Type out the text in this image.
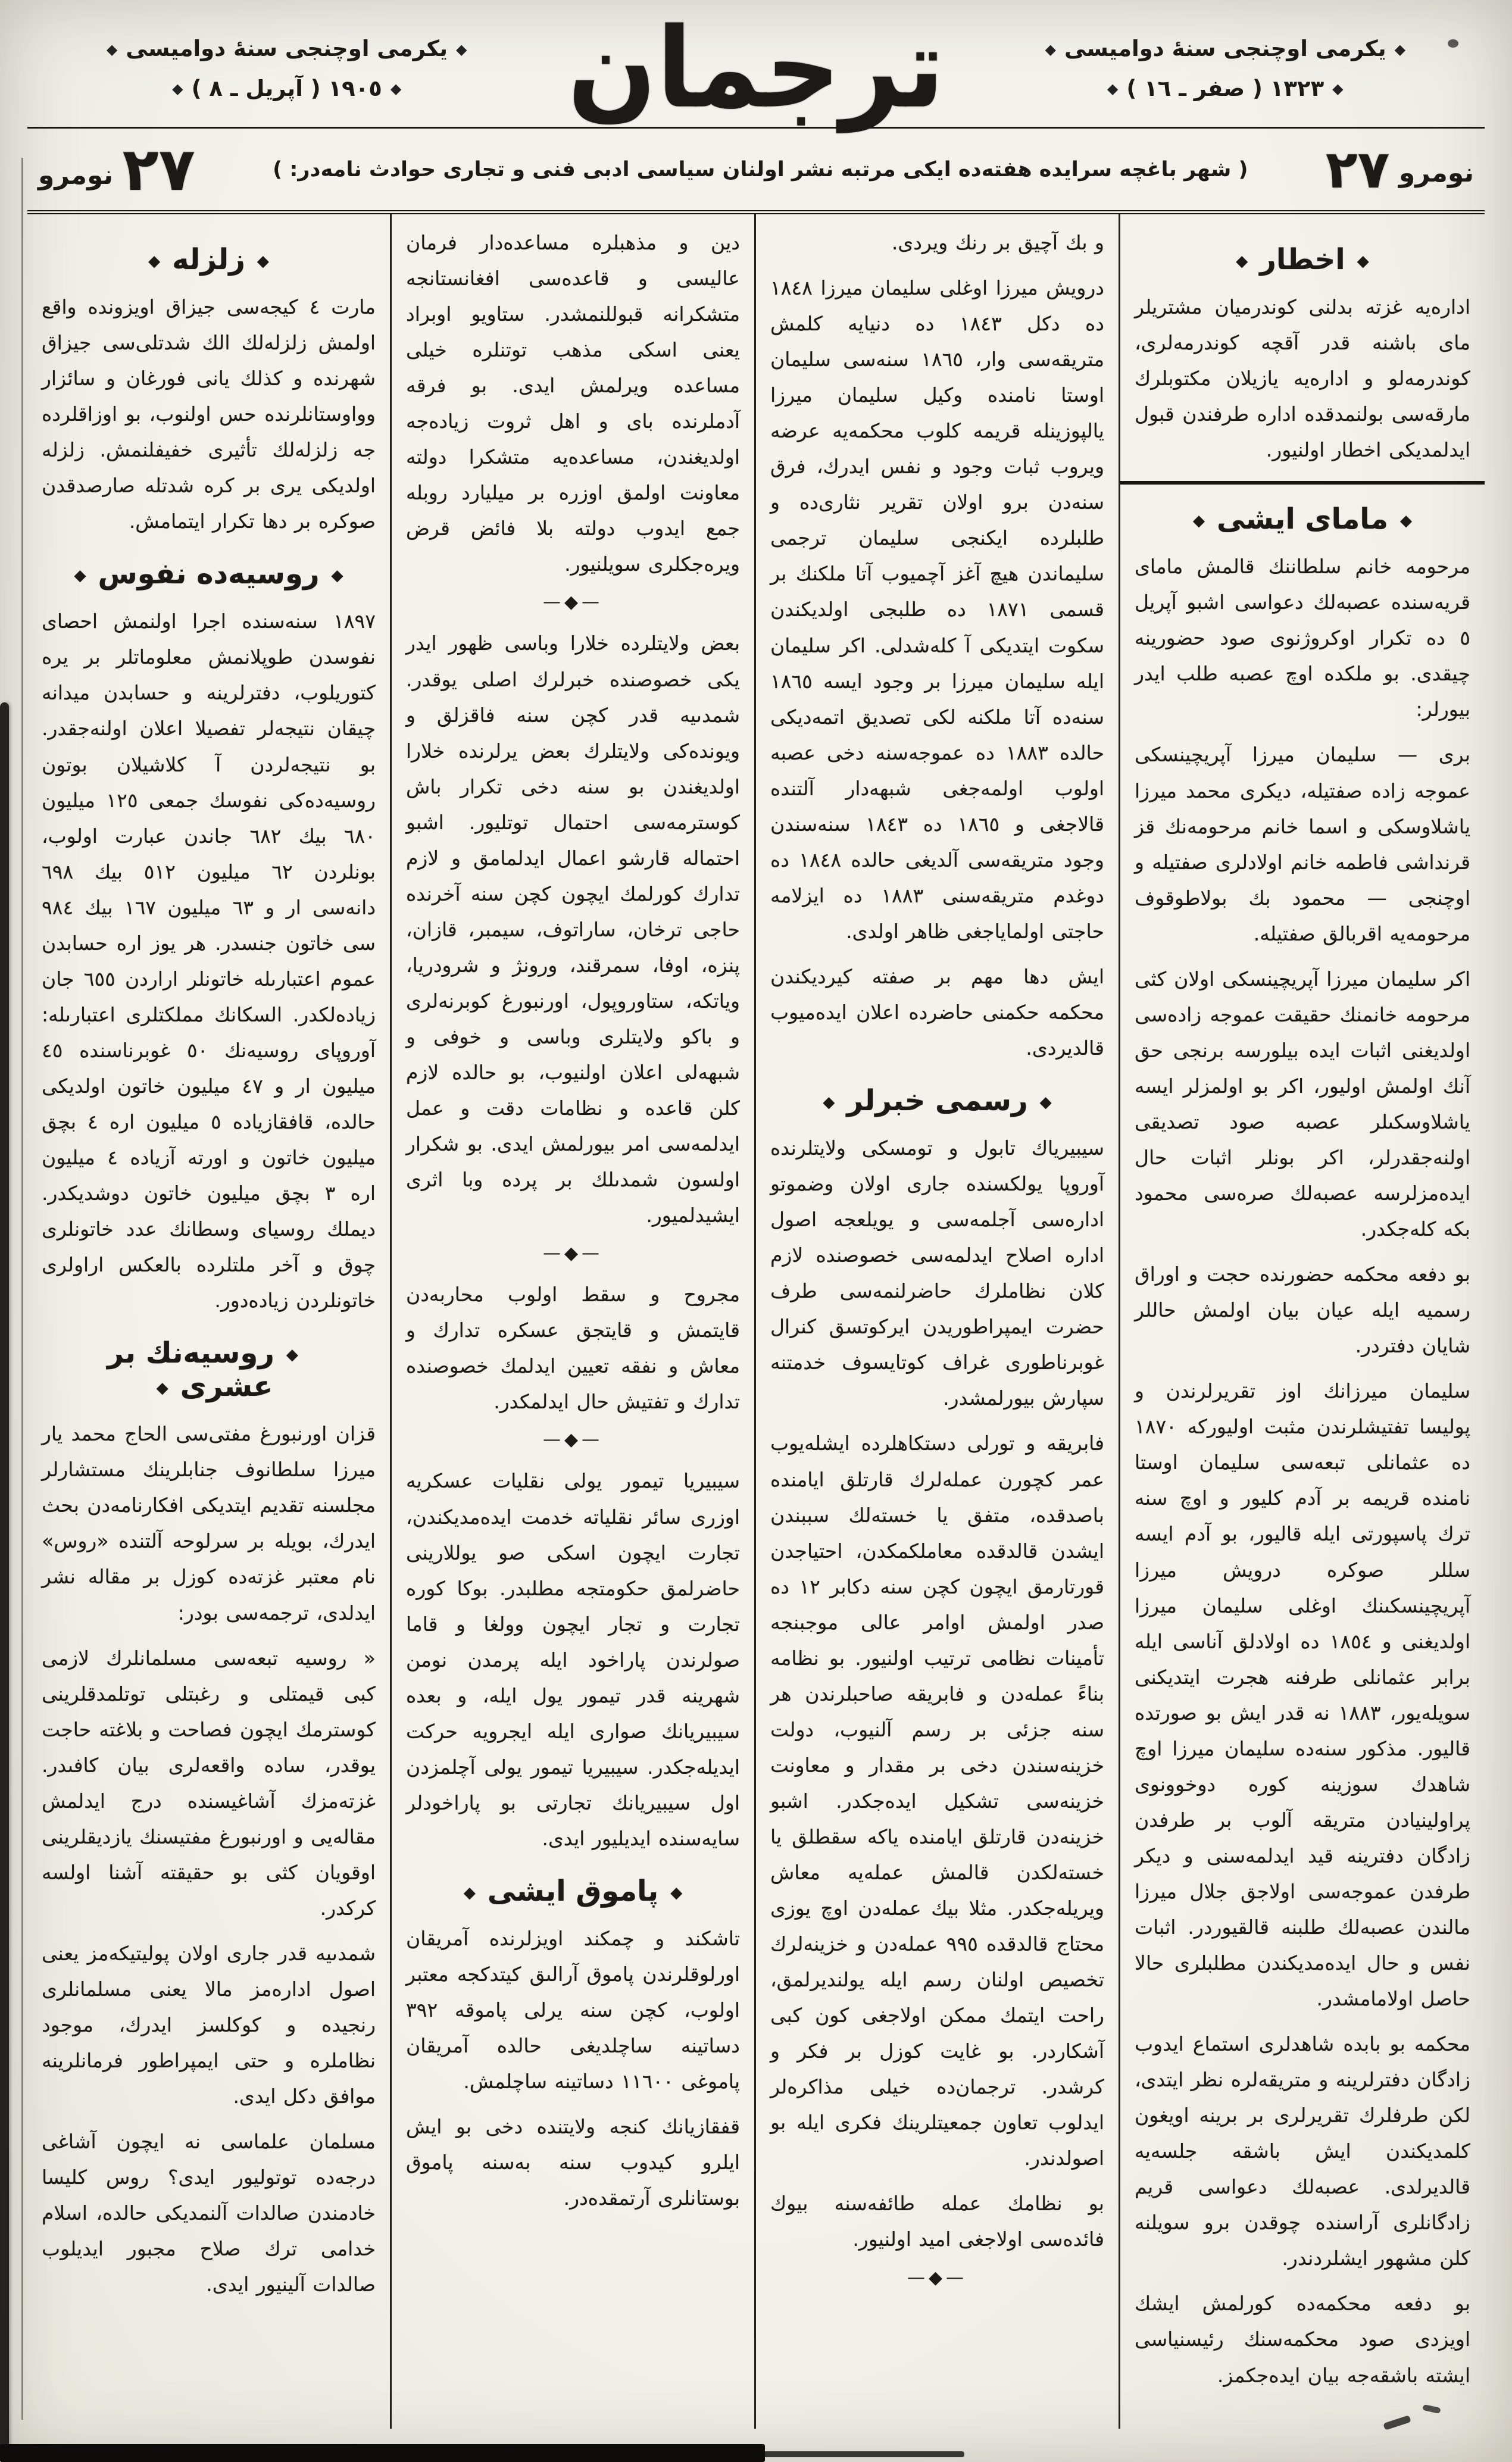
◆يكرمى اوچنجى سنهٔ دواميسى◆
◆١٣٢٣ ( صفر ـ ١٦ )◆
ترجمان
◆يكرمى اوچنجى سنهٔ دواميسى◆
◆١٩٠٥ ( آپريل ـ ٨ )◆
نومرو ٢٧
( شهر باغچه سرايده هفته‌ده ايكى مرتبه نشر اولنان سياسى ادبى فنى و تجارى حوادث نامه‌در: )
٢٧ نومرو
◆اخطار◆

اداره‌يه غزته بدلنى كوندرميان مشتريلر ماى باشنه قدر آقچه كوندرمه‌لرى، كوندرمه‌لو و اداره‌يه يازيلان مكتوبلرك مارقه‌سى بولنمدقده اداره طرفندن قبول ايدلمديكى اخطار اولنيور.

◆ماماى ايشى◆

مرحومه خانم سلطاننك قالمش ماماى قريه‌سنده عصبه‌لك دعواسى اشبو آپريل ٥ ده تكرار اوكروژنوى صود حضورينه چيقدى. بو ملكده اوچ عصبه طلب ايدر بيورلر:

برى — سليمان ميرزا آپريچينسكى عموجه زاده صفتيله، ديكرى محمد ميرزا ياشلاوسكى و اسما خانم مرحومه‌نك قز قرنداشى فاطمه خانم اولادلرى صفتيله و اوچنجى — محمود بك بولاطوقوف مرحومه‌يه اقربالق صفتيله.

اكر سليمان ميرزا آپريچينسكى اولان كثى مرحومه خانمنك حقيقت عموجه زاده‌سى اولديغنى اثبات ايده بيلورسه برنجى حق آنك اولمش اوليور، اكر بو اولمزلر ايسه ياشلاوسكىلر عصبه صود تصديقى اولنه‌جقدرلر، اكر بونلر اثبات حال ايده‌مزلرسه عصبه‌لك صره‌سى محمود بكه كله‌جكدر.

بو دفعه محكمه حضورنده حجت و اوراق رسميه ايله عيان بيان اولمش حاللر شايان دفتردر.

سليمان ميرزانك اوز تقريرلرندن و پوليسا تفتيشلرندن مثبت اوليوركه ١٨٧٠ ده عثمانلى تبعه‌سى سليمان اوستا نامنده قريمه بر آدم كليور و اوچ سنه ترك پاسپورتى ايله قاليور، بو آدم ايسه سللر صوكره درويش ميرزا آپريچينسكىنك اوغلى سليمان ميرزا اولديغنى و ١٨٥٤ ده اولادلق آناسى ايله برابر عثمانلى طرفنه هجرت ايتديكنى سويله‌يور، ١٨٨٣ نه قدر ايش بو صورتده قاليور. مذكور سنه‌ده سليمان ميرزا اوچ شاهدك سوزينه كوره دوخوونوى پراولينيادن متريقه آلوب بر طرفدن زادگان دفترينه قيد ايدلمه‌سنى و ديكر طرفدن عموجه‌سى اولاجق جلال ميرزا مالندن عصبه‌لك طلبنه قالقيوردر. اثبات نفس و حال ايده‌مديكندن مطلبلرى حالا حاصل اولامامشدر.

محكمه بو بابده شاهدلرى استماع ايدوب زادگان دفترلرينه و متريقه‌لره نظر ايتدى، لكن طرفلرك تقريرلرى بر برينه اويغون كلمديكندن ايش باشقه جلسه‌يه قالديرلدى. عصبه‌لك دعواسى قريم زادگانلرى آراسنده چوقدن برو سويلنه كلن مشهور ايشلردندر.

بو دفعه محكمه‌ده كورلمش ايشك اويزدى صود محكمه‌سنك رئيسنياسى ايشته باشقه‌جه بيان ايده‌جكمز.

و بك آچيق بر رنك ويردى.

درويش ميرزا اوغلى سليمان ميرزا ١٨٤٨ ده دكل ١٨٤٣ ده دنيايه كلمش متريقه‌سى وار، ١٨٦٥ سنه‌سى سليمان اوستا نامنده وكيل سليمان ميرزا يالپوزينله قريمه كلوب محكمه‌يه عرضه ويروب ثبات وجود و نفس ايدرك، فرق سنه‌دن برو اولان تقرير نثارى‌ده و طلبلرده ايكنجى سليمان ترجمى سليماندن هيچ آغز آچميوب آتا ملكنك بر قسمى ١٨٧١ ده طلبجى اولديكندن سكوت ايتديكى آ كله‌شدلى. اكر سليمان ايله سليمان ميرزا بر وجود ايسه ١٨٦٥ سنه‌ده آتا ملكنه لكى تصديق اتمه‌ديكى حالده ١٨٨٣ ده عموجه‌سنه دخى عصبه اولوب اولمه‌جغى شبهه‌دار آلتنده قالاجغى و ١٨٦٥ ده ١٨٤٣ سنه‌سندن وجود متريقه‌سى آلديغى حالده ١٨٤٨ ده دوغدم متريقه‌سنى ١٨٨٣ ده ايزلامه حاجتى اولماياجغى ظاهر اولدى.

ايش دها مهم بر صفته كيرديكندن محكمه حكمنى حاضرده اعلان ايده‌ميوب قالديردى.

◆رسمى خبرلر◆

سيبيرياك تابول و تومسكى ولايتلرنده آوروپا يولكسنده جارى اولان وضموتو اداره‌سى آجلمه‌سى و يويلعجه اصول اداره اصلاح ايدلمه‌سى خصوصنده لازم كلان نظاملرك حاضرلنمه‌سى طرف حضرت ايمپراطوريدن ايركوتسق كنرال غوبرناطورى غراف كوتايسوف خدمتنه سپارش بيورلمشدر.

فابريقه و تورلى دستكاهلرده ايشله‌يوب عمر كچورن عمله‌لرك قارتلق ايامنده باصدقده، متفق يا خسته‌لك سببندن ايشدن قالدقده معاملكمكدن، احتياجدن قورتارمق ايچون كچن سنه دكابر ١٢ ده صدر اولمش اوامر عالى موجبنجه تأمينات نظامى ترتيب اولنيور. بو نظامه بناءً عمله‌دن و فابريقه صاحبلرندن هر سنه جزئى بر رسم آلنيوب، دولت خزينه‌سندن دخى بر مقدار و معاونت خزينه‌سى تشكيل ايده‌جكدر. اشبو خزينه‌دن قارتلق ايامنده ياكه سقطلق يا خسته‌لكدن قالمش عمله‌يه معاش ويريله‌جكدر. مثلا بيك عمله‌دن اوچ يوزى محتاج قالدقده ٩٩٥ عمله‌دن و خزينه‌لرك تخصيص اولنان رسم ايله يولنديرلمق، راحت ايتمك ممكن اولاجغى كون كبى آشكاردر. بو غايت كوزل بر فكر و كرشدر. ترجمان‌ده خيلى مذاكره‌لر ايدلوب تعاون جمعيتلرينك فكرى ايله بو اصولدندر.

بو نظامك عمله طائفه‌سنه بيوك فائده‌سى اولاجغى اميد اولنيور.

—◆—

دين و مذهبلره مساعده‌دار فرمان عاليسى و قاعده‌سى افغانستانجه متشكرانه قبوللنمشدر. ستاويو اوبراد يعنى اسكى مذهب توتنلره خيلى مساعده ويرلمش ايدى. بو فرقه آدملرنده باى و اهل ثروت زياده‌جه اولديغندن، مساعده‌يه متشكرا دولته معاونت اولمق اوزره بر ميليارد روبله جمع ايدوب دولته بلا فائض قرض ويره‌جكلرى سويلنيور.

—◆—

بعض ولايتلرده خلارا وباسى ظهور ايدر يكى خصوصنده خبرلرك اصلى يوقدر. شمدىيه قدر كچن سنه فاقزلق و ويوندەكى ولايتلرك بعض يرلرنده خلارا اولديغندن بو سنه دخى تكرار باش كوسترمه‌سى احتمال توتليور. اشبو احتماله قارشو اعمال ايدلمامق و لازم تدارك كورلمك ايچون كچن سنه آخرنده حاجى ترخان، ساراتوف، سيمبر، قازان، پنزه، اوفا، سمرقند، ورونژ و شرودريا، وياتكه، ستاوروپول، اورنبورغ كوبرنه‌لرى و باكو ولايتلرى وباسى و خوفى و شبهه‌لى اعلان اولنيوب، بو حالده لازم كلن قاعده و نظامات دقت و عمل ايدلمه‌سى امر بيورلمش ايدى. بو شكرار اولسون شمدىلك بر پرده وبا اثرى ايشيدلميور.

—◆—

مجروح و سقط اولوب محاربه‌دن قايتمش و قايتجق عسكره تدارك و معاش و نفقه تعيين ايدلمك خصوصنده تدارك و تفتيش حال ايدلمكدر.

—◆—

سيبيريا تيمور يولى نقليات عسكريه اوزرى سائر نقلياته خدمت ايده‌مديكندن، تجارت ايچون اسكى صو يوللارينى حاضرلمق حكومتجه مطلبدر. بوكا كوره تجارت و تجار ايچون وولغا و قاما صولرندن پاراخود ايله پرمدن نومن شهرينه قدر تيمور يول ايله، و بعده سيبيريانك صوارى ايله ايجرويه حركت ايديله‌جكدر. سيبيريا تيمور يولى آچلمزدن اول سيبيريانك تجارتى بو پاراخودلر سايه‌سنده ايديليور ايدى.

◆پاموق ايشى◆

تاشكند و چمكند اويزلرنده آمريقان اورلوقلرندن پاموق آرالىق كيتدكجه معتبر اولوب، كچن سنه يرلى پاموقه ٣٩٢ دساتينه ساچلديغى حالده آمريقان پاموغى ١١٦٠٠ دساتينه ساچلمش.

قفقازيانك كنجه ولايتنده دخى بو ايش ايلرو كيدوب سنه به‌سنه پاموق بوستانلرى آرتمقده‌در.

◆زلزله◆

مارت ٤ كيجه‌سى جيزاق اويزونده واقع اولمش زلزله‌لك الك شدتلى‌سى جيزاق شهرنده و كذلك يانى فورغان و سائزار وواوستانلرنده حس اولنوب، بو اوزاقلرده جه زلزله‌لك تأثيرى خفيفلنمش. زلزله اولديكى يرى بر كره شدتله صارصدقدن صوكره بر دها تكرار ايتمامش.

◆روسيه‌ده نفوس◆

١٨٩٧ سنه‌سنده اجرا اولنمش احصاى نفوسدن طوپلانمش معلوماتلر بر يره كتوريلوب، دفترلرينه و حسابدن ميدانه چيقان نتيجه‌لر تفصيلا اعلان اولنه‌جقدر. بو نتيجه‌لردن آ كلاشيلان بوتون روسيه‌ده‌كى نفوسك جمعى ١٢٥ ميليون ٦٨٠ بيك ٦٨٢ جاندن عبارت اولوب، بونلردن ٦٢ ميليون ٥١٢ بيك ٦٩٨ دانه‌سى ار و ٦٣ ميليون ١٦٧ بيك ٩٨٤ سى خاتون جنسدر. هر يوز اره حسابدن عموم اعتبارىله خاتونلر اراردن ٦٥٥ جان زياده‌لكدر. السكانك مملكتلرى اعتبارىله: آوروپاى روسيه‌نك ٥٠ غوبرناسنده ٤٥ ميليون ار و ٤٧ ميليون خاتون اولديكى حالده، قافقازياده ٥ ميليون اره ٤ بچق ميليون خاتون و اورته آزياده ٤ ميليون اره ٣ بچق ميليون خاتون دوشديكدر. ديملك روسياى وسطانك عدد خاتونلرى چوق و آخر ملتلرده بالعكس اراولرى خاتونلردن زياده‌دور.

◆روسيه‌نك بر عشرى◆

قزان اورنبورغ مفتى‌سى الحاج محمد يار ميرزا سلطانوف جنابلرينك مستشارلر مجلسنه تقديم ايتديكى افكارنامه‌دن بحث ايدرك، بويله بر سرلوحه آلتنده «روس» نام معتبر غزته‌ده كوزل بر مقاله نشر ايدلدى، ترجمه‌سى بودر:

« روسيه تبعه‌سى مسلمانلرك لازمى كبى قيمتلى و رغبتلى توتلمدقلرينى كوسترمك ايچون فصاحت و بلاغته حاجت يوقدر، ساده واقعه‌لرى بيان كافىدر. غزته‌مزك آشاغيسنده درج ايدلمش مقاله‌يى و اورنبورغ مفتيسنك يازديقلرينى اوقويان كثى بو حقيقته آشنا اولسه كركدر.

شمدىيه قدر جارى اولان پوليتيكه‌مز يعنى اصول اداره‌مز مالا يعنى مسلمانلرى رنجيده و كوكلسز ايدرك، موجود نظاملره و حتى ايمپراطور فرمانلرينه موافق دكل ايدى.

مسلمان علماسى نه ايچون آشاغى درجه‌ده توتوليور ايدى؟ روس كليسا خادمندن صالدات آلنمديكى حالده، اسلام خدامى ترك صلاح مجبور ايديلوب صالدات آلينيور ايدى.
